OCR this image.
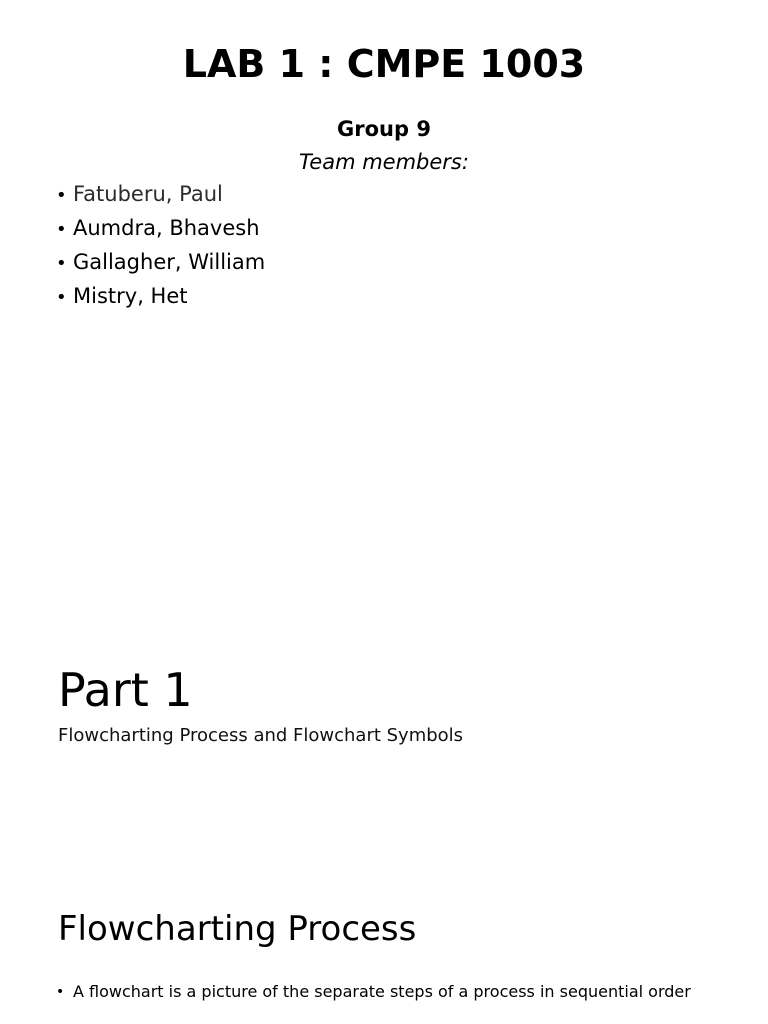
LAB 1 : CMPE 1003
Group 9
Team members:
• Fatuberu, Paul
• Aumdra, Bhavesh
• Gallagher, William
• Mistry, Het
Part 1
Flowcharting Process and Flowchart Symbols
Flowcharting Process
• A flowchart is a picture of the separate steps of a process in sequential order
